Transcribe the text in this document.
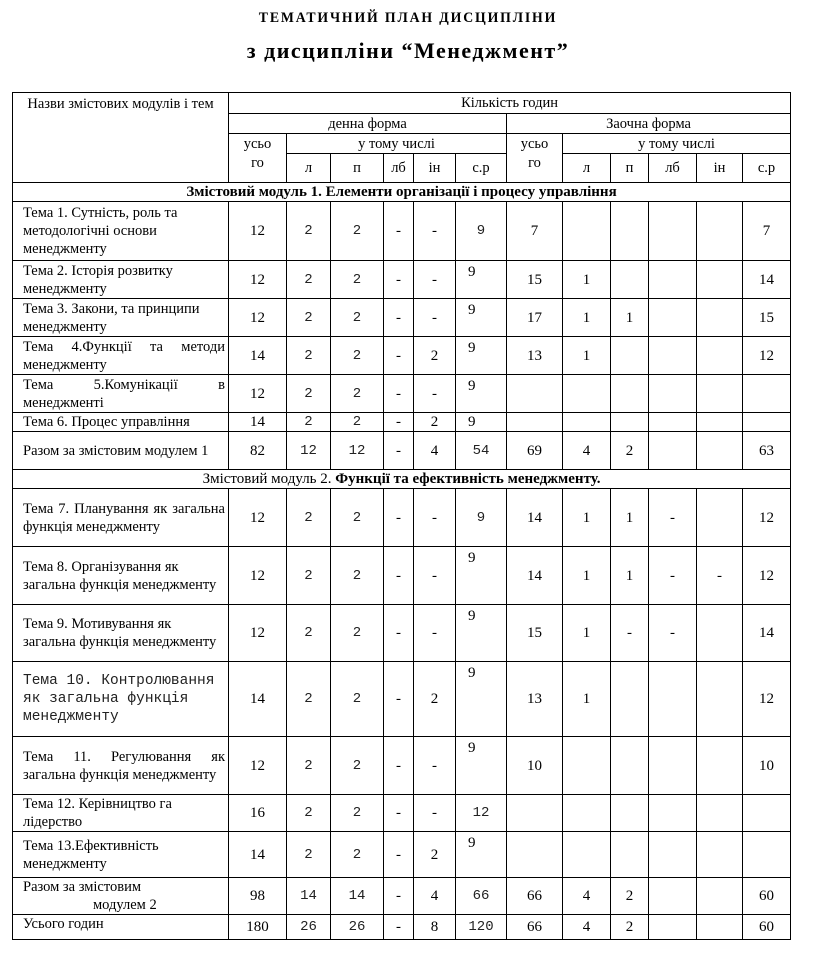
ТЕМАТИЧНИЙ ПЛАН ДИСЦИПЛІНИ
з дисципліни “Менеджмент”
Назви змістових модулів і тем	Кількість годин											
	денна форма						Заочна форма					
	усьо
го	у тому числі					усьо
го	у тому числі				
		л	п	лб	ін	с.р		л	п	лб	ін	с.р
Змістовий модуль 1. Елементи організації і процесу управління												
Тема 1. Сутність, роль та методологічні основи менеджменту	12	2	2	-	-	9	7					7
Тема 2. Історія розвитку менеджменту	12	2	2	-	-	9	15	1				14
Тема 3. Закони, та принципи менеджменту	12	2	2	-	-	9	17	1	1			15
Тема 4.Функції та методи менеджменту	14	2	2	-	2	9	13	1				12
Тема 5.Комунікації в менеджменті	12	2	2	-	-	9						
Тема 6. Процес управління	14	2	2	-	2	9						
Разом за змістовим модулем 1	82	12	12	-	4	54	69	4	2			63
Змістовий модуль 2. Функції та ефективність менеджменту.												
Тема 7. Планування як загальна функція менеджменту	12	2	2	-	-	9	14	1	1	-		12
Тема 8. Організування як загальна функція менеджменту	12	2	2	-	-	9	14	1	1	-	-	12
Тема 9. Мотивування як загальна функція менеджменту	12	2	2	-	-	9	15	1	-	-		14
Тема 10. Контролювання як загальна функція менеджменту	14	2	2	-	2	9	13	1				12
Тема 11. Регулювання як загальна функція менеджменту	12	2	2	-	-	9	10					10
Тема 12. Керівництво га лідерство	16	2	2	-	-	12						
Тема 13.Ефективність менеджменту	14	2	2	-	2	9						
Разом за змістовим
модулем 2	98	14	14	-	4	66	66	4	2			60
Усього годин	180	26	26	-	8	120	66	4	2			60
